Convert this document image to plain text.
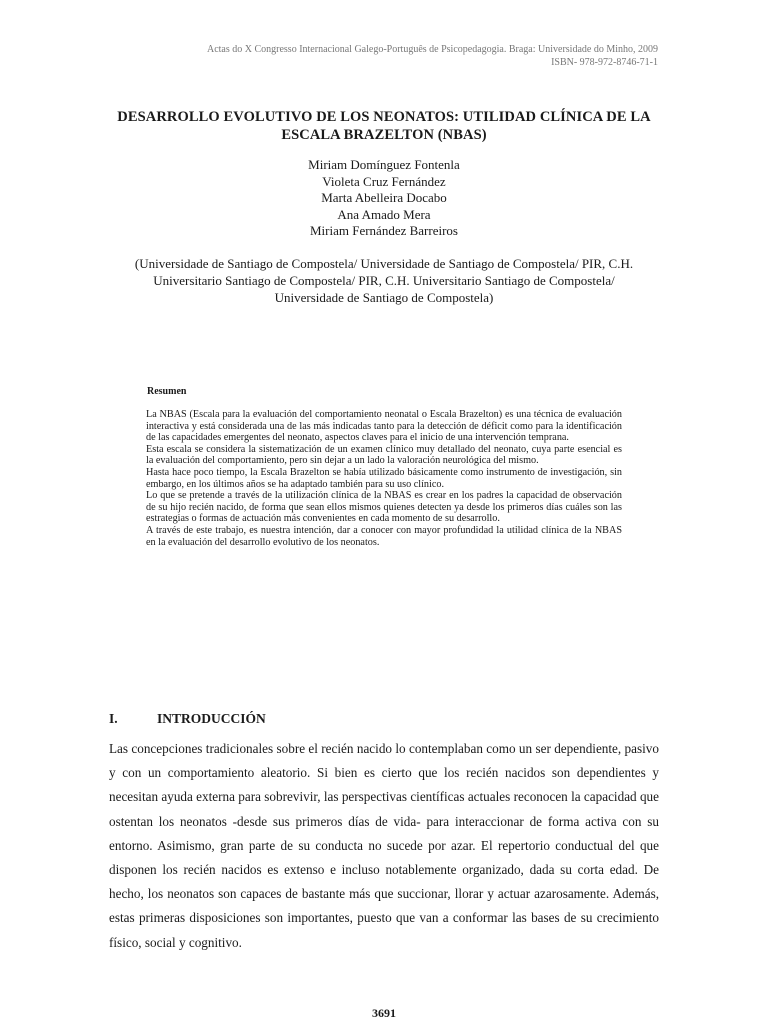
Actas do X Congresso Internacional Galego-Português de Psicopedagogia. Braga: Universidade do Minho, 2009
ISBN- 978-972-8746-71-1
DESARROLLO EVOLUTIVO DE LOS NEONATOS: UTILIDAD CLÍNICA DE LA
ESCALA BRAZELTON (NBAS)
Miriam Domínguez Fontenla
Violeta Cruz Fernández
Marta Abelleira Docabo
Ana Amado Mera
Miriam Fernández Barreiros
(Universidade de Santiago de Compostela/ Universidade de Santiago de Compostela/ PIR, C.H.
Universitario Santiago de Compostela/ PIR, C.H. Universitario Santiago de Compostela/
Universidade de Santiago de Compostela)
Resumen

La NBAS (Escala para la evaluación del comportamiento neonatal o Escala Brazelton) es una técnica de evaluación interactiva y está considerada una de las más indicadas tanto para la detección de déficit como para la identificación de las capacidades emergentes del neonato, aspectos claves para el inicio de una intervención temprana.

Esta escala se considera la sistematización de un examen clínico muy detallado del neonato, cuya parte esencial es la evaluación del comportamiento, pero sin dejar a un lado la valoración neurológica del mismo.

Hasta hace poco tiempo, la Escala Brazelton se había utilizado básicamente como instrumento de investigación, sin embargo, en los últimos años se ha adaptado también para su uso clínico.

Lo que se pretende a través de la utilización clínica de la NBAS es crear en los padres la capacidad de observación de su hijo recién nacido, de forma que sean ellos mismos quienes detecten ya desde los primeros días cuáles son las estrategias o formas de actuación más convenientes en cada momento de su desarrollo.

A través de este trabajo, es nuestra intención, dar a conocer con mayor profundidad la utilidad clínica de la NBAS en la evaluación del desarrollo evolutivo de los neonatos.

I.	INTRODUCCIÓN

Las concepciones tradicionales sobre el recién nacido lo contemplaban como un ser dependiente, pasivo y con un comportamiento aleatorio. Si bien es cierto que los recién nacidos son dependientes y necesitan ayuda externa para sobrevivir, las perspectivas científicas actuales reconocen la capacidad que ostentan los neonatos -desde sus primeros días de vida- para interaccionar de forma activa con su entorno. Asimismo, gran parte de su conducta no sucede por azar. El repertorio conductual del que disponen los recién nacidos es extenso e incluso notablemente organizado, dada su corta edad. De hecho, los neonatos son capaces de bastante más que succionar, llorar y actuar azarosamente. Además, estas primeras disposiciones son importantes, puesto que van a conformar las bases de su crecimiento físico, social y cognitivo.

3691
